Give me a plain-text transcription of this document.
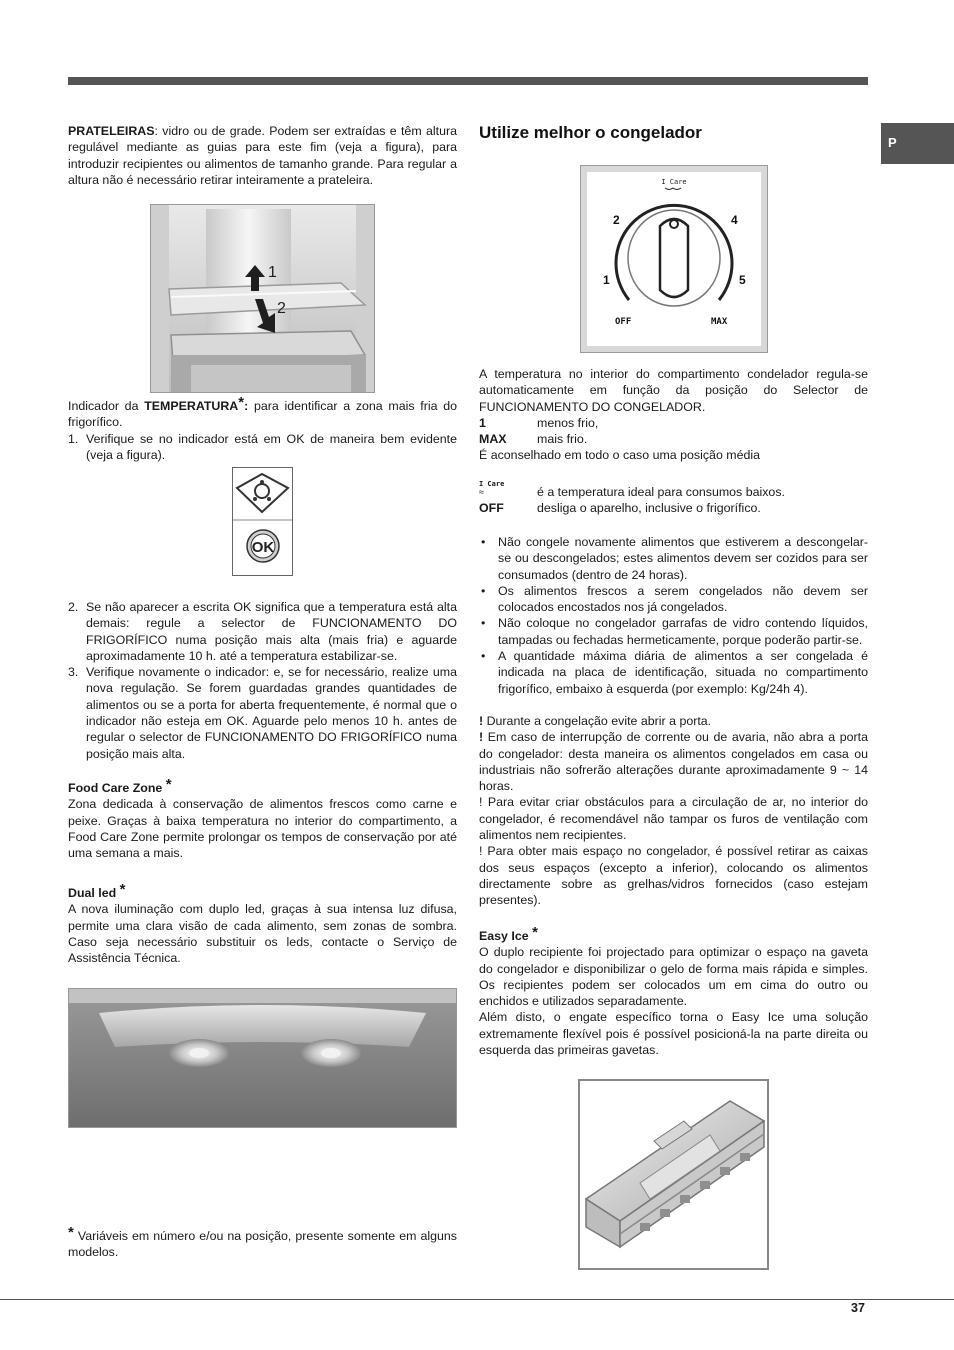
P

PRATELEIRAS: vidro ou de grade. Podem ser extraídas e têm altura regulável mediante as guias para este fim (veja a figura), para introduzir recipientes ou alimentos de tamanho grande. Para regular a altura não é necessário retirar inteiramente a prateleira.

1
2

Indicador da TEMPERATURA*: para identificar a zona mais fria do frigorífico.

1. Verifique se no indicador está em OK de maneira bem evidente (veja a figura).
OK
2. Se não aparecer a escrita OK significa que a temperatura está alta demais: regule a selector de FUNCIONAMENTO DO FRIGORÍFICO numa posição mais alta (mais fria) e aguarde aproximadamente 10 h. até a temperatura estabilizar-se.
3. Verifique novamente o indicador: e, se for necessário, realize uma nova regulação. Se forem guardadas grandes quantidades de alimentos ou se a porta for aberta frequentemente, é normal que o indicador não esteja em OK. Aguarde pelo menos 10 h. antes de regular o selector de FUNCIONAMENTO DO FRIGORÍFICO numa posição mais alta.

Food Care Zone *

Zona dedicada à conservação de alimentos frescos como carne e peixe. Graças à baixa temperatura no interior do compartimento, a Food Care Zone permite prolongar os tempos de conservação por até uma semana a mais.

Dual led *

A nova iluminação com duplo led, graças à sua intensa luz difusa, permite uma clara visão de cada alimento, sem zonas de sombra. Caso seja necessário substituir os leds, contacte o Serviço de Assistência Técnica.

* Variáveis em número e/ou na posição, presente somente em alguns modelos.

Utilize melhor o congelador
I Care
2	4
1	5
OFF	MAX

A temperatura no interior do compartimento condelador regula-se automaticamente em função da posição do Selector de FUNCIONAMENTO DO CONGELADOR.

1	menos frio,
MAX	mais frio.

É aconselhado em todo o caso uma posição média

I Care
≈	é a temperatura ideal para consumos baixos.
OFF	desliga o aparelho, inclusive o frigorífico.
• Não congele novamente alimentos que estiverem a descongelar-se ou descongelados; estes alimentos devem ser cozidos para ser consumados (dentro de 24 horas).
• Os alimentos frescos a serem congelados não devem ser colocados encostados nos já congelados.
• Não coloque no congelador garrafas de vidro contendo líquidos, tampadas ou fechadas hermeticamente, porque poderão partir-se.
• A quantidade máxima diária de alimentos a ser congelada é indicada na placa de identificação, situada no compartimento frigorífico, embaixo à esquerda (por exemplo: Kg/24h 4).

! Durante a congelação evite abrir a porta.

! Em caso de interrupção de corrente ou de avaria, não abra a porta do congelador: desta maneira os alimentos congelados em casa ou industriais não sofrerão alterações durante aproximadamente 9 ~ 14 horas.

! Para evitar criar obstáculos para a circulação de ar, no interior do congelador, é recomendável não tampar os furos de ventilação com alimentos nem recipientes.

! Para obter mais espaço no congelador, é possível retirar as caixas dos seus espaços (excepto a inferior), colocando os alimentos directamente sobre as grelhas/vidros fornecidos (caso estejam presentes).

Easy Ice *

O duplo recipiente foi projectado para optimizar o espaço na gaveta do congelador e disponibilizar o gelo de forma mais rápida e simples. Os recipientes podem ser colocados um em cima do outro ou enchidos e utilizados separadamente.

Além disto, o engate específico torna o Easy Ice uma solução extremamente flexível pois é possível posicioná-la na parte direita ou esquerda das primeiras gavetas.

37
